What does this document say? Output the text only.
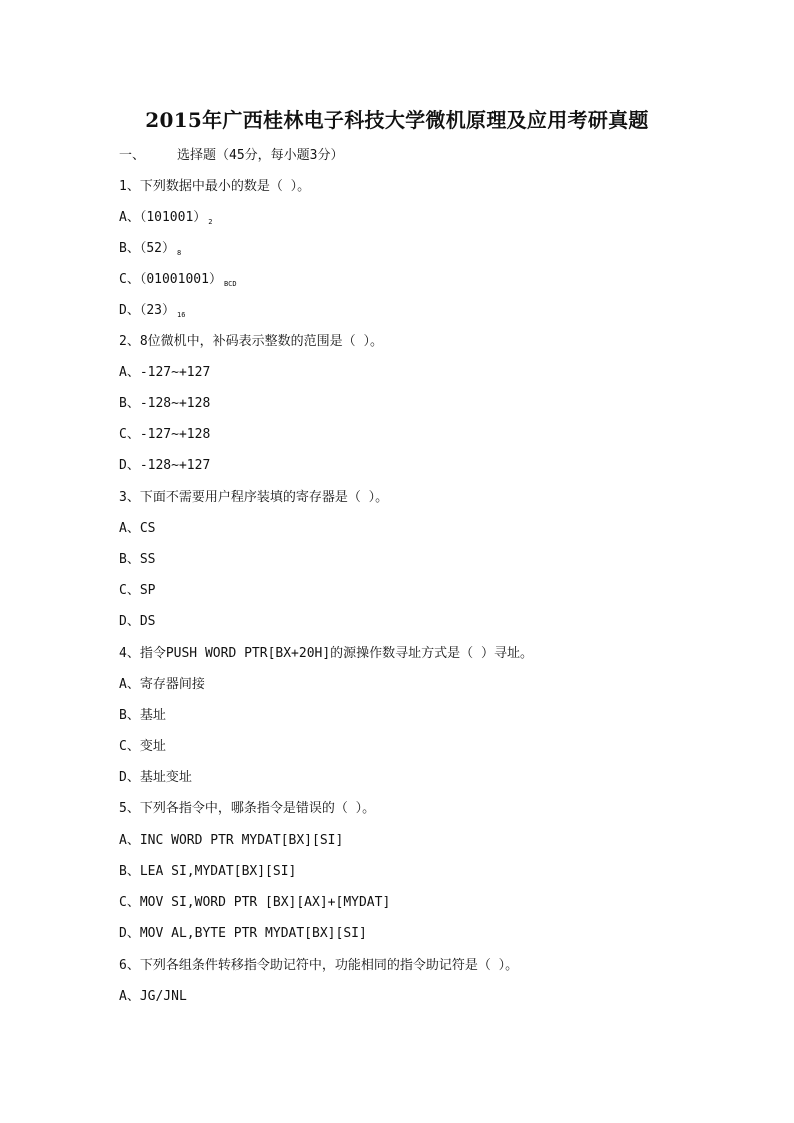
2015年广西桂林电子科技大学微机原理及应用考研真题
一、 选择题（45分，每小题3分）
1、下列数据中最小的数是（ ）。
A、（101001） $_2$
B、（52） $_8$
C、（01001001） $_{BCD}$
D、（23） $_{16}$
2、8位微机中，补码表示整数的范围是（ ）。
A、-127~+127
B、-128~+128
C、-127~+128
D、-128~+127
3、下面不需要用户程序装填的寄存器是（ ）。
A、CS
B、SS
C、SP
D、DS
4、指令PUSH WORD PTR[BX+20H]的源操作数寻址方式是（ ）寻址。
A、寄存器间接
B、基址
C、变址
D、基址变址
5、下列各指令中，哪条指令是错误的（ ）。
A、INC WORD PTR MYDAT[BX][SI]
B、LEA SI,MYDAT[BX][SI]
C、MOV SI,WORD PTR [BX][AX]+[MYDAT]
D、MOV AL,BYTE PTR MYDAT[BX][SI]
6、下列各组条件转移指令助记符中，功能相同的指令助记符是（ ）。
A、JG/JNL
